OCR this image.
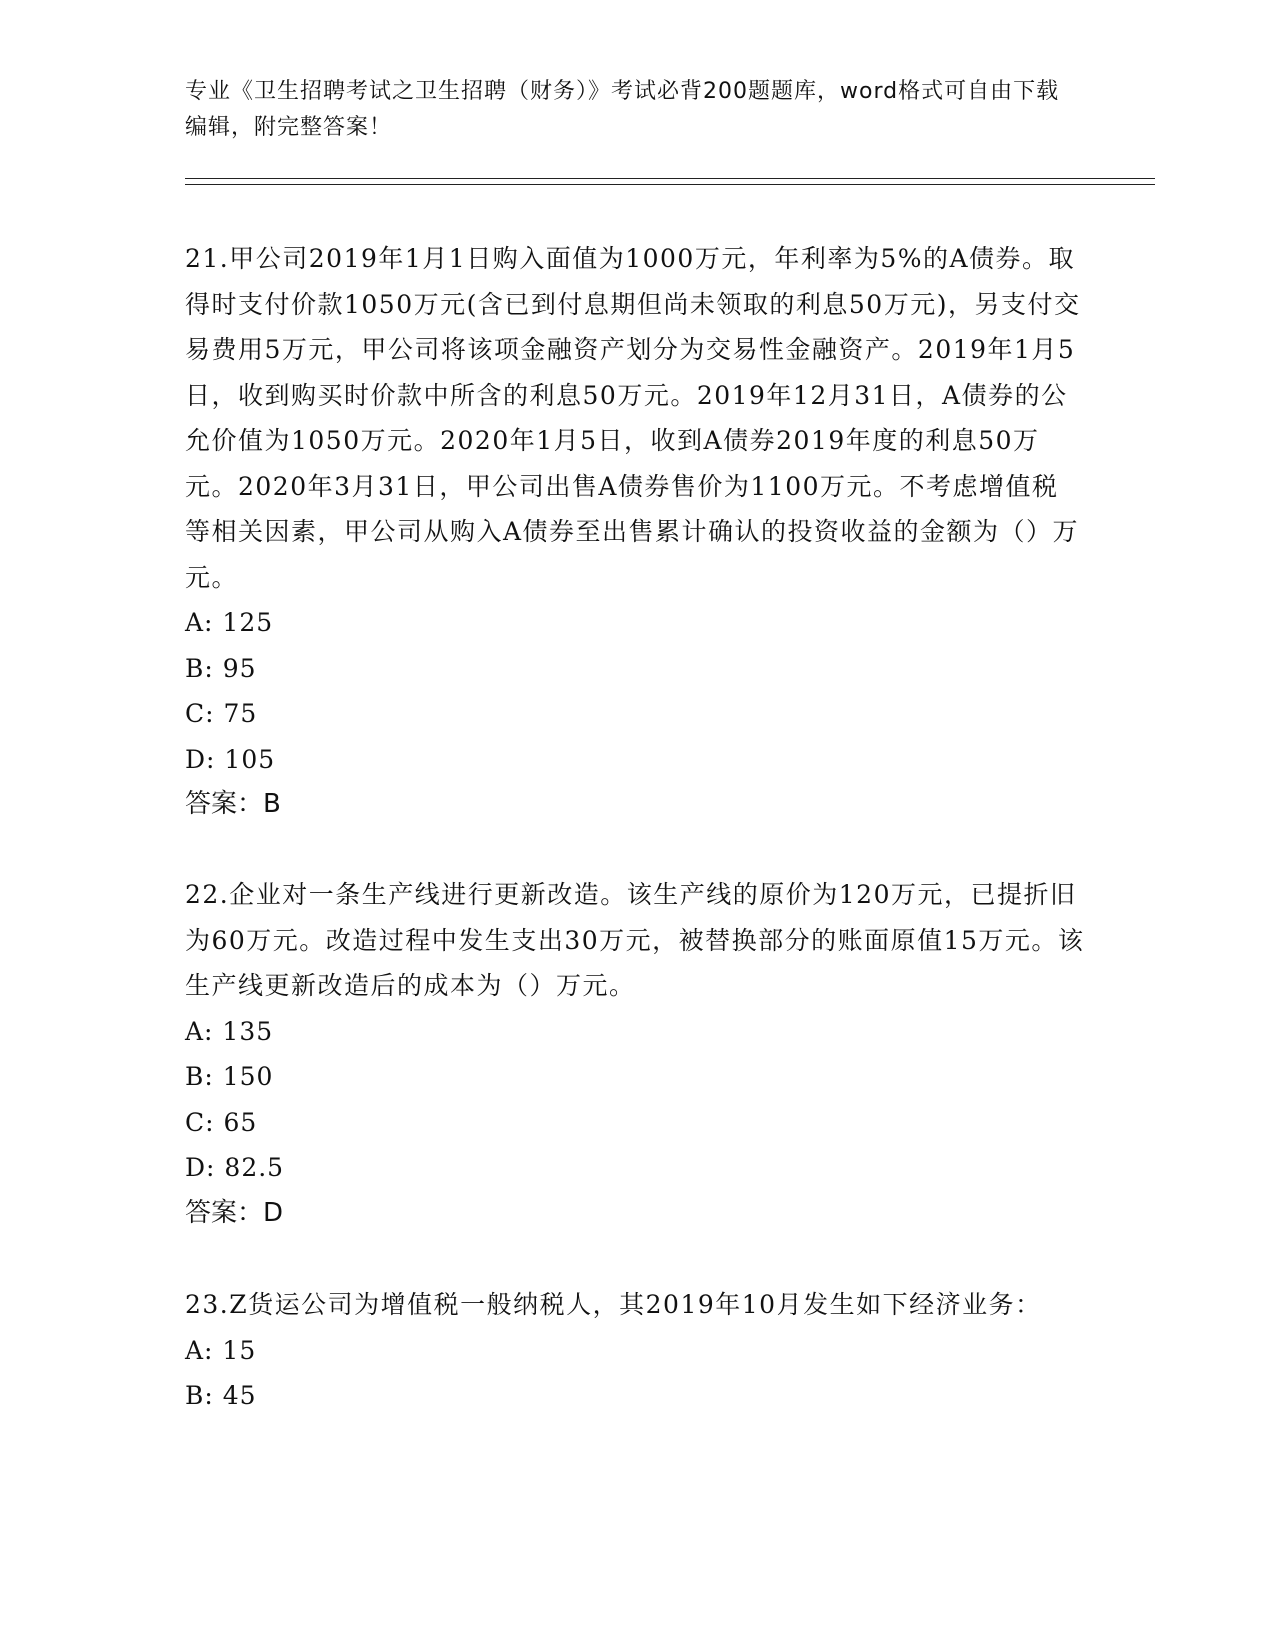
专业《卫生招聘考试之卫生招聘（财务）》考试必背200题题库，word格式可自由下载编辑，附完整答案！
21.甲公司2019年1月1日购入面值为1000万元，年利率为5%的A债券。取得时支付价款1050万元(含已到付息期但尚未领取的利息50万元)，另支付交易费用5万元，甲公司将该项金融资产划分为交易性金融资产。2019年1月5日，收到购买时价款中所含的利息50万元。2019年12月31日，A债券的公允价值为1050万元。2020年1月5日，收到A债券2019年度的利息50万元。2020年3月31日，甲公司出售A债券售价为1100万元。不考虑增值税等相关因素，甲公司从购入A债券至出售累计确认的投资收益的金额为（）万元。
A: 125
B: 95
C: 75
D: 105
答案：B
22.企业对一条生产线进行更新改造。该生产线的原价为120万元，已提折旧为60万元。改造过程中发生支出30万元，被替换部分的账面原值15万元。该生产线更新改造后的成本为（）万元。
A: 135
B: 150
C: 65
D: 82.5
答案：D
23.Z货运公司为增值税一般纳税人，其2019年10月发生如下经济业务：
A: 15
B: 45
